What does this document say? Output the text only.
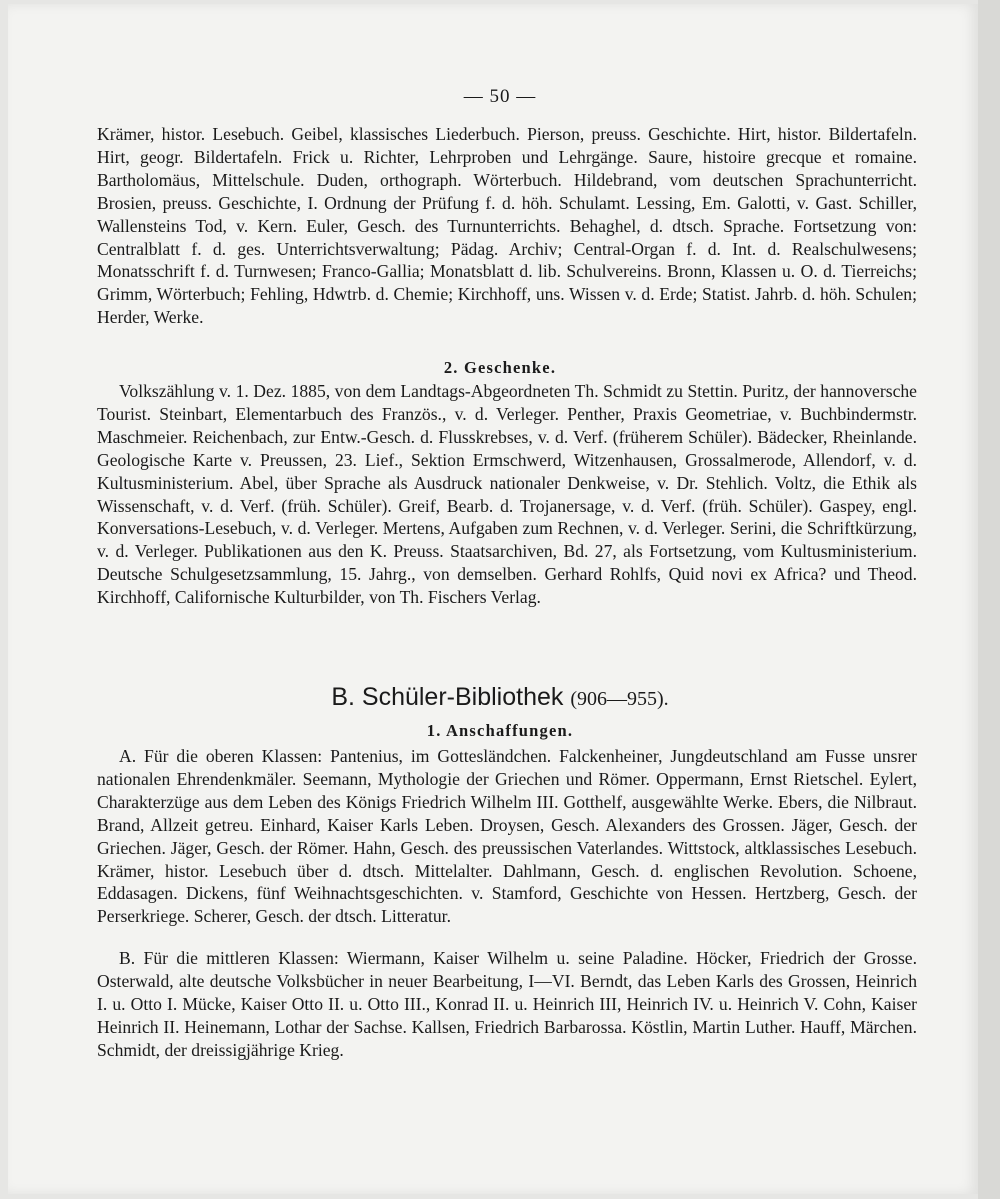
— 50 —

Krämer, histor. Lesebuch. Geibel, klassisches Liederbuch. Pierson, preuss. Geschichte. Hirt, histor. Bildertafeln. Hirt, geogr. Bildertafeln. Frick u. Richter, Lehrproben und Lehrgänge. Saure, histoire grecque et romaine. Bartholomäus, Mittelschule. Duden, orthograph. Wörterbuch. Hildebrand, vom deutschen Sprachunterricht. Brosien, preuss. Geschichte, I. Ordnung der Prüfung f. d. höh. Schulamt. Lessing, Em. Galotti, v. Gast. Schiller, Wallensteins Tod, v. Kern. Euler, Gesch. des Turnunterrichts. Behaghel, d. dtsch. Sprache. Fortsetzung von: Centralblatt f. d. ges. Unterrichtsverwaltung; Pädag. Archiv; Central-Organ f. d. Int. d. Realschulwesens; Monatsschrift f. d. Turnwesen; Franco-Gallia; Monatsblatt d. lib. Schulvereins. Bronn, Klassen u. O. d. Tierreichs; Grimm, Wörterbuch; Fehling, Hdwtrb. d. Chemie; Kirchhoff, uns. Wissen v. d. Erde; Statist. Jahrb. d. höh. Schulen; Herder, Werke.

2. Geschenke.

Volkszählung v. 1. Dez. 1885, von dem Landtags-Abgeordneten Th. Schmidt zu Stettin. Puritz, der hannoversche Tourist. Steinbart, Elementarbuch des Französ., v. d. Verleger. Penther, Praxis Geometriae, v. Buchbindermstr. Maschmeier. Reichenbach, zur Entw.-Gesch. d. Flusskrebses, v. d. Verf. (früherem Schüler). Bädecker, Rheinlande. Geologische Karte v. Preussen, 23. Lief., Sektion Ermschwerd, Witzenhausen, Grossalmerode, Allendorf, v. d. Kultusministerium. Abel, über Sprache als Ausdruck nationaler Denkweise, v. Dr. Stehlich. Voltz, die Ethik als Wissenschaft, v. d. Verf. (früh. Schüler). Greif, Bearb. d. Trojanersage, v. d. Verf. (früh. Schüler). Gaspey, engl. Konversations-Lesebuch, v. d. Verleger. Mertens, Aufgaben zum Rechnen, v. d. Verleger. Serini, die Schriftkürzung, v. d. Verleger. Publikationen aus den K. Preuss. Staatsarchiven, Bd. 27, als Fortsetzung, vom Kultusministerium. Deutsche Schulgesetzsammlung, 15. Jahrg., von demselben. Gerhard Rohlfs, Quid novi ex Africa? und Theod. Kirchhoff, Californische Kulturbilder, von Th. Fischers Verlag.

B. Schüler-Bibliothek (906—955).
1. Anschaffungen.

A. Für die oberen Klassen: Pantenius, im Gottesländchen. Falckenheiner, Jungdeutschland am Fusse unsrer nationalen Ehrendenkmäler. Seemann, Mythologie der Griechen und Römer. Oppermann, Ernst Rietschel. Eylert, Charakterzüge aus dem Leben des Königs Friedrich Wilhelm III. Gotthelf, ausgewählte Werke. Ebers, die Nilbraut. Brand, Allzeit getreu. Einhard, Kaiser Karls Leben. Droysen, Gesch. Alexanders des Grossen. Jäger, Gesch. der Griechen. Jäger, Gesch. der Römer. Hahn, Gesch. des preussischen Vaterlandes. Wittstock, altklassisches Lesebuch. Krämer, histor. Lesebuch über d. dtsch. Mittelalter. Dahlmann, Gesch. d. englischen Revolution. Schoene, Eddasagen. Dickens, fünf Weihnachtsgeschichten. v. Stamford, Geschichte von Hessen. Hertzberg, Gesch. der Perserkriege. Scherer, Gesch. der dtsch. Litteratur.

B. Für die mittleren Klassen: Wiermann, Kaiser Wilhelm u. seine Paladine. Höcker, Friedrich der Grosse. Osterwald, alte deutsche Volksbücher in neuer Bearbeitung, I—VI. Berndt, das Leben Karls des Grossen, Heinrich I. u. Otto I. Mücke, Kaiser Otto II. u. Otto III., Konrad II. u. Heinrich III, Heinrich IV. u. Heinrich V. Cohn, Kaiser Heinrich II. Heinemann, Lothar der Sachse. Kallsen, Friedrich Barbarossa. Köstlin, Martin Luther. Hauff, Märchen. Schmidt, der dreissigjährige Krieg.
